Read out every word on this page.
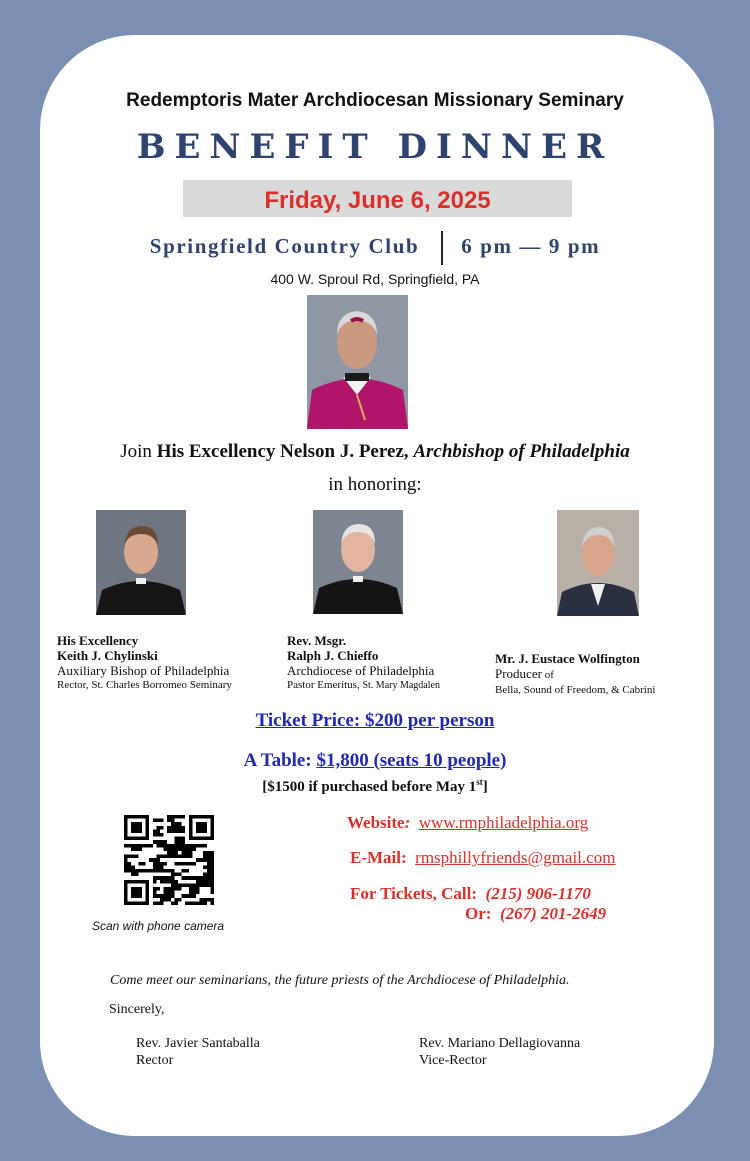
Redemptoris Mater Archdiocesan Missionary Seminary
BENEFIT DINNER
Friday, June 6, 2025
Springfield Country Club 6 pm — 9 pm
400 W. Sproul Rd, Springfield, PA
Join His Excellency Nelson J. Perez, Archbishop of Philadelphia
in honoring:
His Excellency
Keith J. Chylinski
Auxiliary Bishop of Philadelphia
Rector, St. Charles Borromeo Seminary
Rev. Msgr.
Ralph J. Chieffo
Archdiocese of Philadelphia
Pastor Emeritus, St. Mary Magdalen
Mr. J. Eustace Wolfington
Producer of
Bella, Sound of Freedom, & Cabrini
Ticket Price: $200 per person
A Table: $1,800 (seats 10 people)
[$1500 if purchased before May 1st]
Scan with phone camera
Website: www.rmphiladelphia.org
E-Mail: rmsphillyfriends@gmail.com
For Tickets, Call: (215) 906-1170
Or: (267) 201-2649
Come meet our seminarians, the future priests of the Archdiocese of Philadelphia.
Sincerely,
Rev. Javier Santaballa
Rector
Rev. Mariano Dellagiovanna
Vice-Rector
